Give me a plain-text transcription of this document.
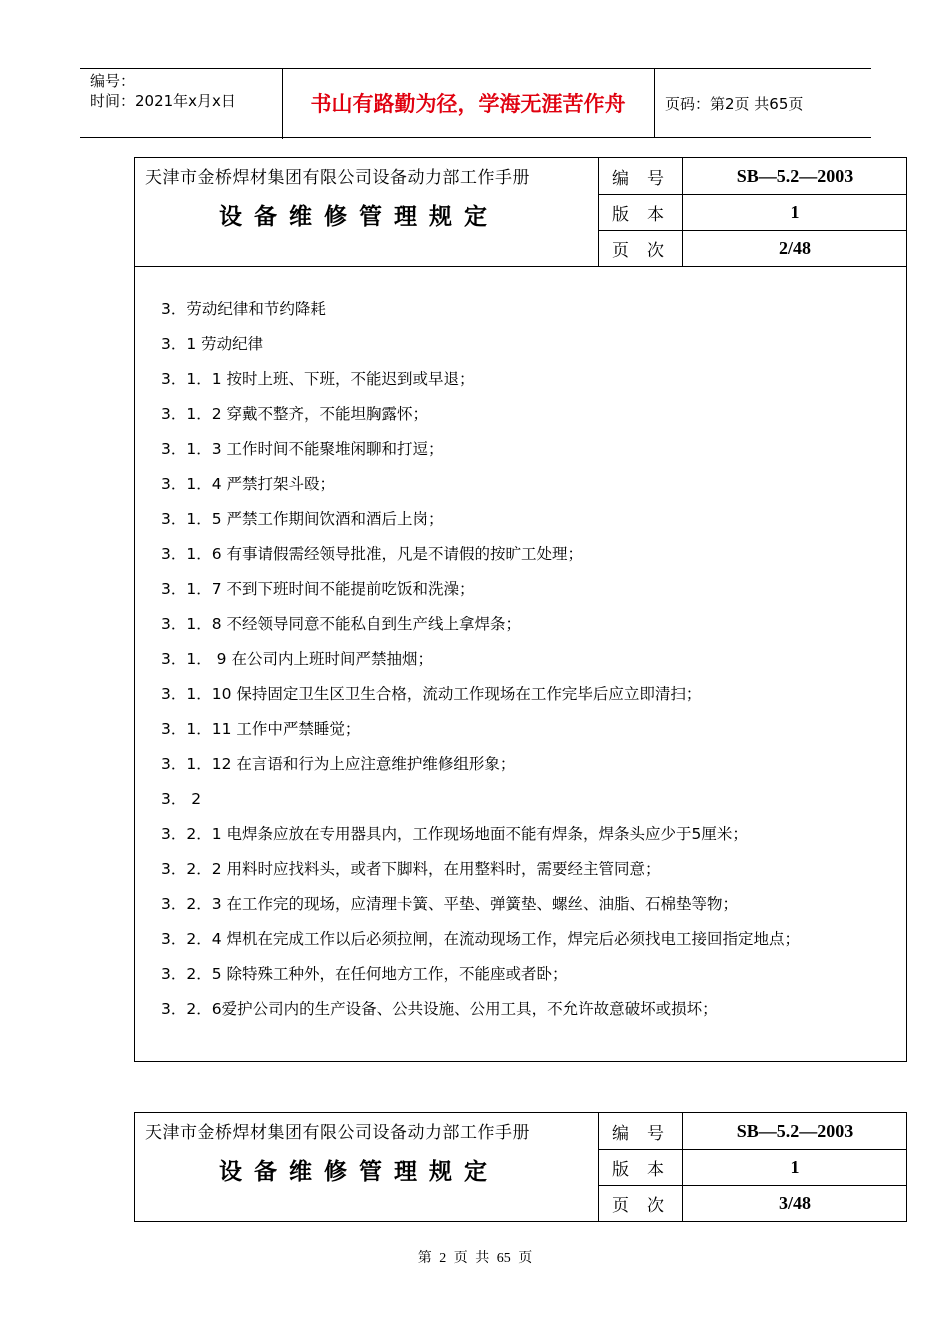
编号：
时间：2021年x月x日	书山有路勤为径，学海无涯苦作舟	页码：第2页 共65页
天津市金桥焊材集团有限公司设备动力部工作手册
设备维修管理规定
编号	SB—5.2—2003
版本	1
页次	2/48
3．劳动纪律和节约降耗
3．1 劳动纪律
3．1．1 按时上班、下班，不能迟到或早退；
3．1．2 穿戴不整齐，不能坦胸露怀；
3．1．3 工作时间不能聚堆闲聊和打逗；
3．1．4 严禁打架斗殴；
3．1．5 严禁工作期间饮酒和酒后上岗；
3．1．6 有事请假需经领导批准，凡是不请假的按旷工处理；
3．1．7 不到下班时间不能提前吃饭和洗澡；
3．1．8 不经领导同意不能私自到生产线上拿焊条；
3．1． 9 在公司内上班时间严禁抽烟；
3．1．10 保持固定卫生区卫生合格，流动工作现场在工作完毕后应立即清扫；
3．1．11 工作中严禁睡觉；
3．1．12 在言语和行为上应注意维护维修组形象；
3． 2
3．2．1 电焊条应放在专用器具内，工作现场地面不能有焊条，焊条头应少于5厘米；
3．2．2 用料时应找料头，或者下脚料，在用整料时，需要经主管同意；
3．2．3 在工作完的现场，应清理卡簧、平垫、弹簧垫、螺丝、油脂、石棉垫等物；
3．2．4 焊机在完成工作以后必须拉闸，在流动现场工作，焊完后必须找电工接回指定地点；
3．2．5 除特殊工种外，在任何地方工作，不能座或者卧；
3．2．6爱护公司内的生产设备、公共设施、公用工具，不允许故意破坏或损坏；
天津市金桥焊材集团有限公司设备动力部工作手册
设备维修管理规定
编号	SB—5.2—2003
版本	1
页次	3/48
第 2 页 共 65 页
